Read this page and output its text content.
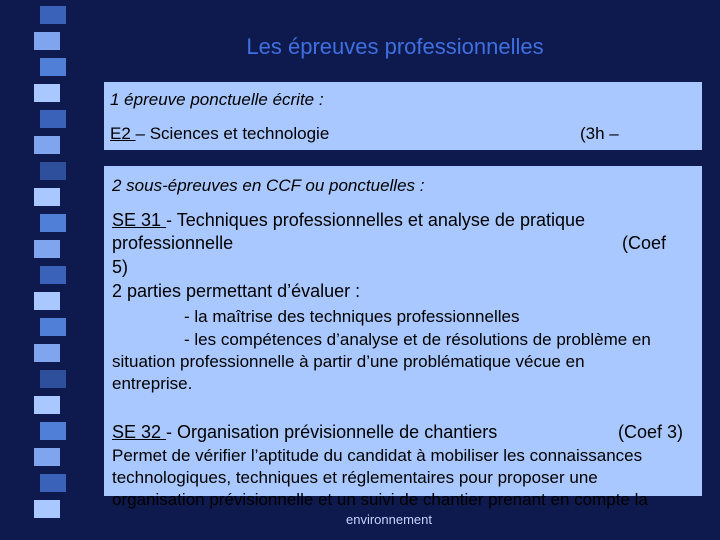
Les épreuves professionnelles
1 épreuve ponctuelle écrite :
E2 – Sciences et technologie	(3h –
2 sous-épreuves en CCF ou ponctuelles :
SE 31 - Techniques professionnelles et analyse de pratique
professionnelle	(Coef
5)
2 parties permettant d’évaluer :
- la maîtrise des techniques professionnelles
- les compétences d’analyse et de résolutions de problème en
situation professionnelle à partir d’une problématique vécue en
entreprise.
SE 32 - Organisation prévisionnelle de chantiers	(Coef 3)
Permet de vérifier l’aptitude du candidat à mobiliser les connaissances
technologiques, techniques et réglementaires pour proposer une
organisation prévisionnelle et un suivi de chantier prenant en compte la
environnement
